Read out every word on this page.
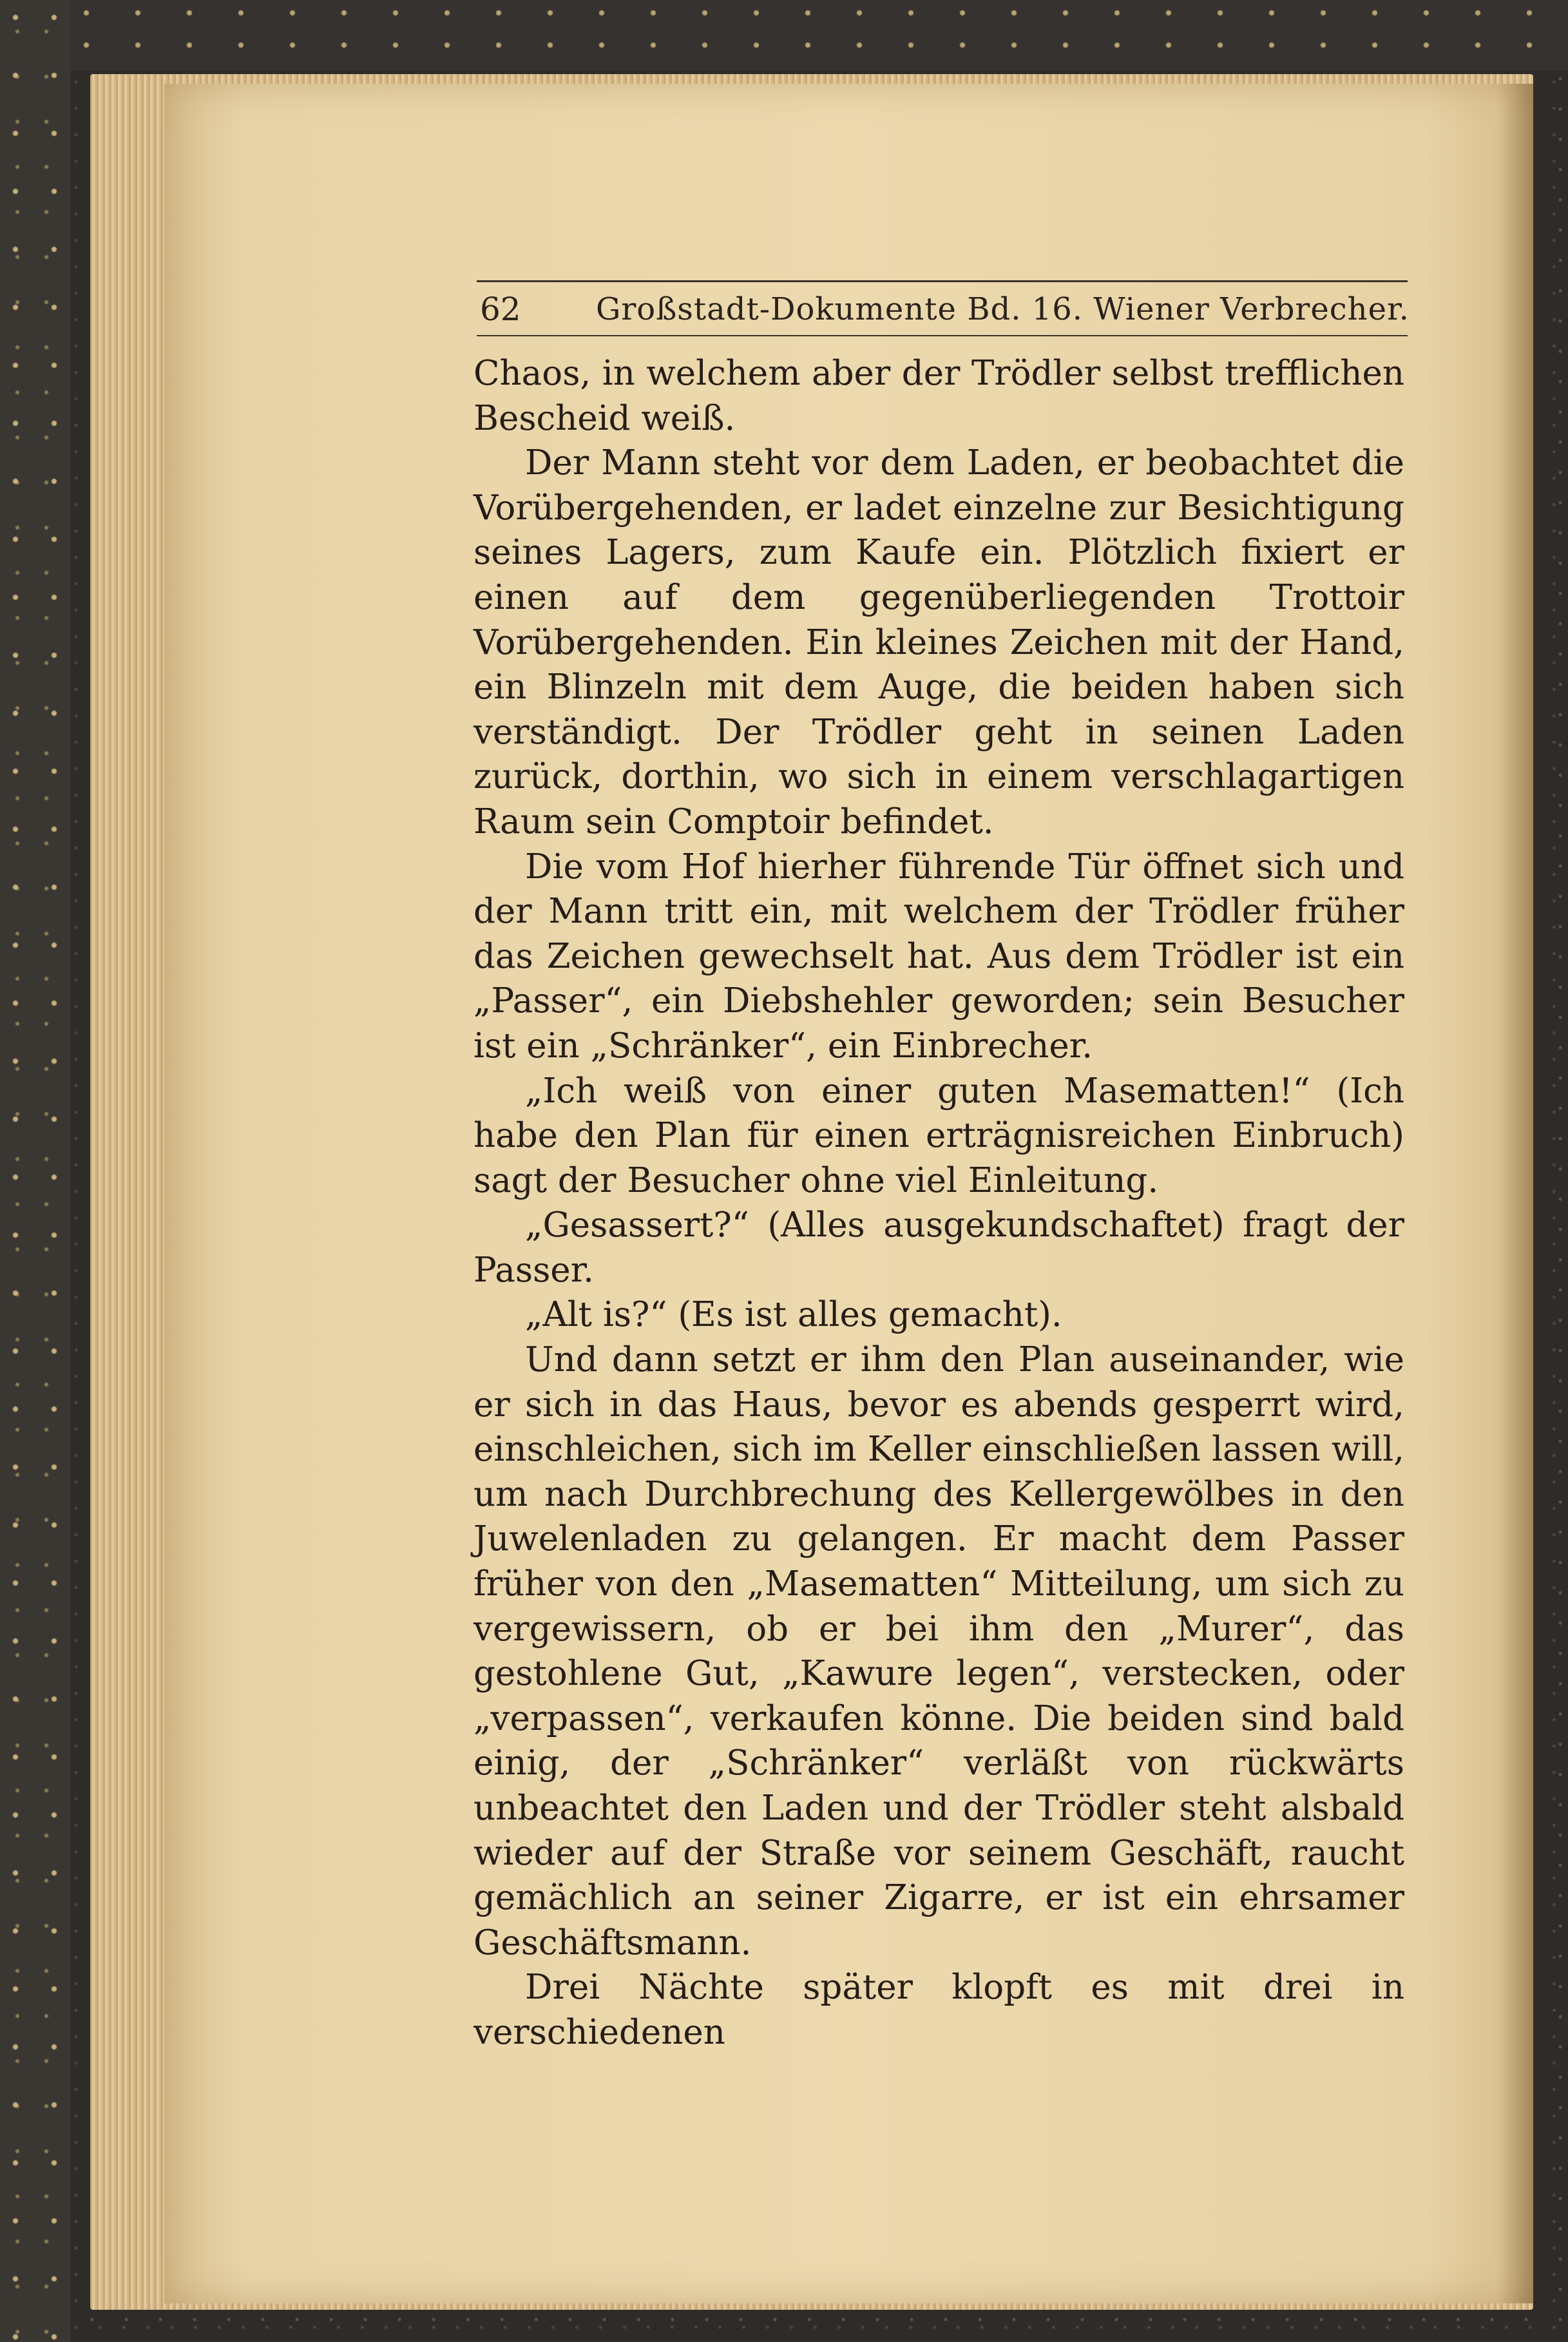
62 Großstadt-Dokumente Bd. 16. Wiener Verbrecher.

Chaos, in welchem aber der Trödler selbst trefflichen Bescheid weiß.

Der Mann steht vor dem Laden, er beobachtet die Vorübergehenden, er ladet einzelne zur Besichtigung seines Lagers, zum Kaufe ein. Plötzlich fixiert er einen auf dem gegenüberliegenden Trottoir Vorübergehenden. Ein kleines Zeichen mit der Hand, ein Blinzeln mit dem Auge, die beiden haben sich verständigt. Der Trödler geht in seinen Laden zurück, dorthin, wo sich in einem verschlagartigen Raum sein Comptoir befindet.

Die vom Hof hierher führende Tür öffnet sich und der Mann tritt ein, mit welchem der Trödler früher das Zeichen gewechselt hat. Aus dem Trödler ist ein „Passer“, ein Diebshehler geworden; sein Besucher ist ein „Schränker“, ein Einbrecher.

„Ich weiß von einer guten Masematten!“ (Ich habe den Plan für einen erträgnisreichen Einbruch) sagt der Besucher ohne viel Einleitung.

„Gesassert?“ (Alles ausgekundschaftet) fragt der Passer.

„Alt is?“ (Es ist alles gemacht).

Und dann setzt er ihm den Plan auseinander, wie er sich in das Haus, bevor es abends gesperrt wird, einschleichen, sich im Keller einschließen lassen will, um nach Durchbrechung des Kellergewölbes in den Juwelenladen zu gelangen. Er macht dem Passer früher von den „Masematten“ Mitteilung, um sich zu vergewissern, ob er bei ihm den „Murer“, das gestohlene Gut, „Kawure legen“, verstecken, oder „verpassen“, verkaufen könne. Die beiden sind bald einig, der „Schränker“ verläßt von rückwärts unbeachtet den Laden und der Trödler steht alsbald wieder auf der Straße vor seinem Geschäft, raucht gemächlich an seiner Zigarre, er ist ein ehrsamer Geschäftsmann.

Drei Nächte später klopft es mit drei in verschiedenen
